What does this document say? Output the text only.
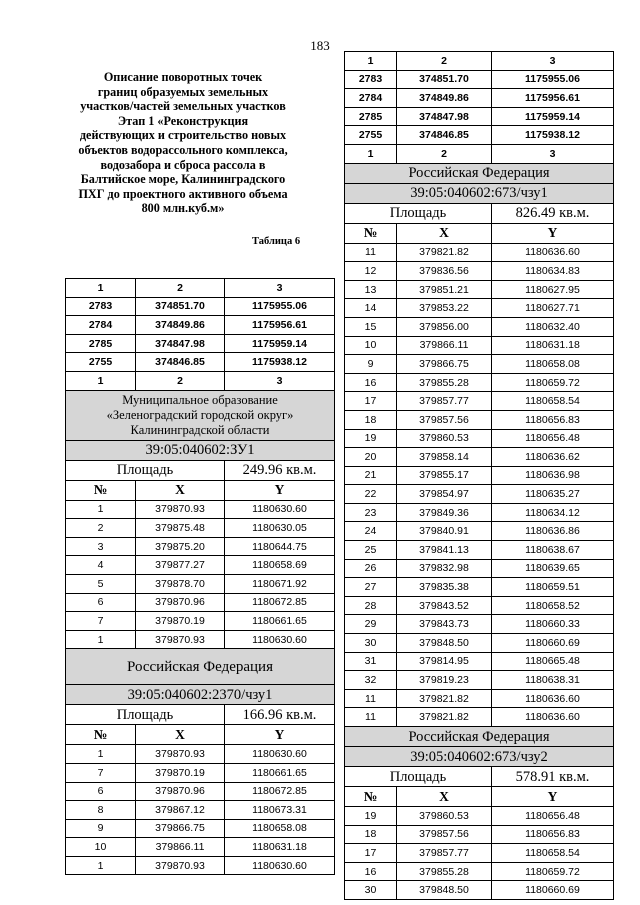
183
Описание поворотных точек
границ образуемых земельных
участков/частей земельных участков
Этап 1 «Реконструкция
действующих и строительство новых
объектов водорассольного комплекса,
водозабора и сброса рассола в
Балтийское море, Калининградского
ПХГ до проектного активного объема
800 млн.куб.м»
Таблица 6
1	2	3
2783	374851.70	1175955.06
2784	374849.86	1175956.61
2785	374847.98	1175959.14
2755	374846.85	1175938.12
1	2	3
Муниципальное образование
«Зеленоградский городской округ»
Калининградской области		
39:05:040602:ЗУ1		
Площадь		249.96 кв.м.
№	X	Y
1	379870.93	1180630.60
2	379875.48	1180630.05
3	379875.20	1180644.75
4	379877.27	1180658.69
5	379878.70	1180671.92
6	379870.96	1180672.85
7	379870.19	1180661.65
1	379870.93	1180630.60
Российская Федерация		
39:05:040602:2370/чзу1		
Площадь		166.96 кв.м.
№	X	Y
1	379870.93	1180630.60
7	379870.19	1180661.65
6	379870.96	1180672.85
8	379867.12	1180673.31
9	379866.75	1180658.08
10	379866.11	1180631.18
1	379870.93	1180630.60
1	2	3
2783	374851.70	1175955.06
2784	374849.86	1175956.61
2785	374847.98	1175959.14
2755	374846.85	1175938.12
1	2	3
Российская Федерация		
39:05:040602:673/чзу1		
Площадь		826.49 кв.м.
№	X	Y
11	379821.82	1180636.60
12	379836.56	1180634.83
13	379851.21	1180627.95
14	379853.22	1180627.71
15	379856.00	1180632.40
10	379866.11	1180631.18
9	379866.75	1180658.08
16	379855.28	1180659.72
17	379857.77	1180658.54
18	379857.56	1180656.83
19	379860.53	1180656.48
20	379858.14	1180636.62
21	379855.17	1180636.98
22	379854.97	1180635.27
23	379849.36	1180634.12
24	379840.91	1180636.86
25	379841.13	1180638.67
26	379832.98	1180639.65
27	379835.38	1180659.51
28	379843.52	1180658.52
29	379843.73	1180660.33
30	379848.50	1180660.69
31	379814.95	1180665.48
32	379819.23	1180638.31
11	379821.82	1180636.60
11	379821.82	1180636.60
Российская Федерация		
39:05:040602:673/чзу2		
Площадь		578.91 кв.м.
№	X	Y
19	379860.53	1180656.48
18	379857.56	1180656.83
17	379857.77	1180658.54
16	379855.28	1180659.72
30	379848.50	1180660.69
